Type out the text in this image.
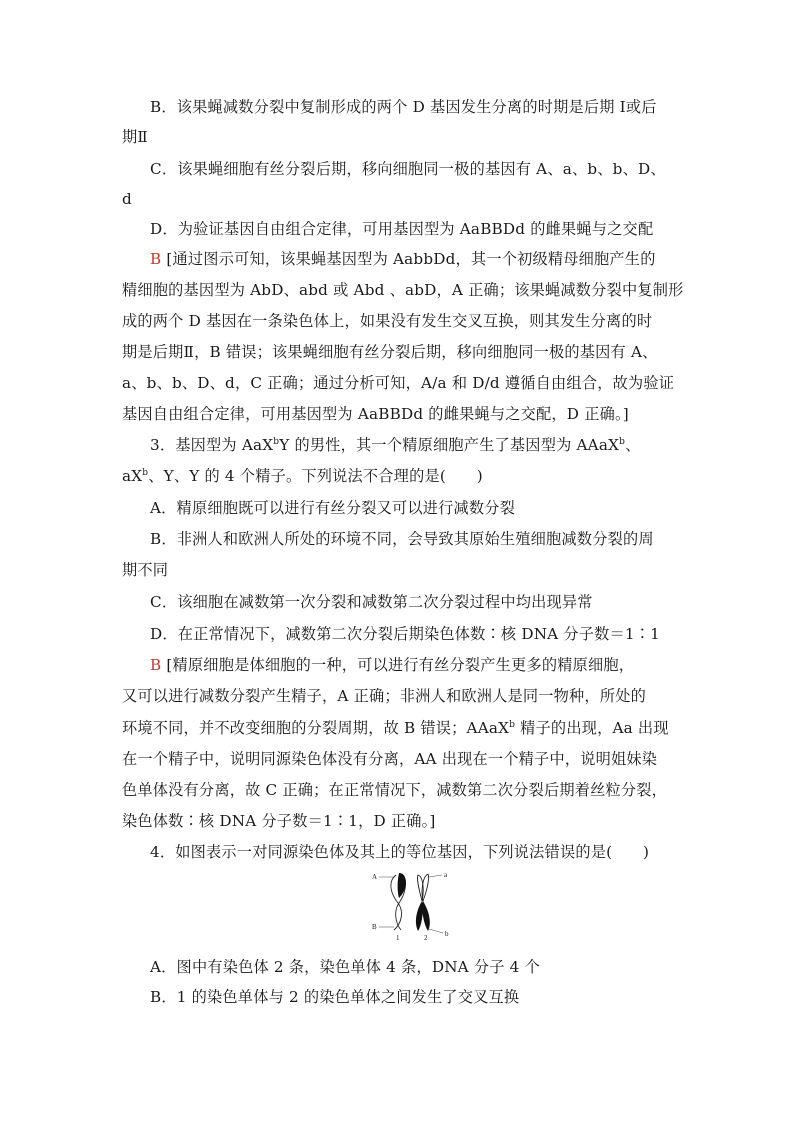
B．该果蝇减数分裂中复制形成的两个 D 基因发生分离的时期是后期 Ⅰ或后
期Ⅱ
C．该果蝇细胞有丝分裂后期，移向细胞同一极的基因有 A、a、b、b、D、
d
D．为验证基因自由组合定律，可用基因型为 AaBBDd 的雌果蝇与之交配
B [通过图示可知，该果蝇基因型为 AabbDd，其一个初级精母细胞产生的
精细胞的基因型为 AbD、abd 或 Abd 、abD，A 正确；该果蝇减数分裂中复制形
成的两个 D 基因在一条染色体上，如果没有发生交叉互换，则其发生分离的时
期是后期Ⅱ，B 错误；该果蝇细胞有丝分裂后期，移向细胞同一极的基因有 A、
a、b、b、D、d，C 正确；通过分析可知，A/a 和 D/d 遵循自由组合，故为验证
基因自由组合定律，可用基因型为 AaBBDd 的雌果蝇与之交配，D 正确。]
3．基因型为 AaX$^b$Y 的男性，其一个精原细胞产生了基因型为 AAaX$^b$、
$aX^b$、Y、Y 的 4 个精子。下列说法不合理的是(　　)
A．精原细胞既可以进行有丝分裂又可以进行减数分裂
B．非洲人和欧洲人所处的环境不同，会导致其原始生殖细胞减数分裂的周
期不同
C．该细胞在减数第一次分裂和减数第二次分裂过程中均出现异常
D．在正常情况下，减数第二次分裂后期染色体数∶核 DNA 分子数＝1∶1
B [精原细胞是体细胞的一种，可以进行有丝分裂产生更多的精原细胞，
又可以进行减数分裂产生精子，A 正确；非洲人和欧洲人是同一物种，所处的
环境不同，并不改变细胞的分裂周期，故 B 错误；AAaX$^b$ 精子的出现，Aa 出现
在一个精子中，说明同源染色体没有分离，AA 出现在一个精子中，说明姐妹染
色单体没有分离，故 C 正确；在正常情况下，减数第二次分裂后期着丝粒分裂，
染色体数∶核 DNA 分子数＝1∶1，D 正确。]
4．如图表示一对同源染色体及其上的等位基因，下列说法错误的是(　　)
A
B
a
b
1	2
A．图中有染色体 2 条，染色单体 4 条，DNA 分子 4 个
B．1 的染色单体与 2 的染色单体之间发生了交叉互换
